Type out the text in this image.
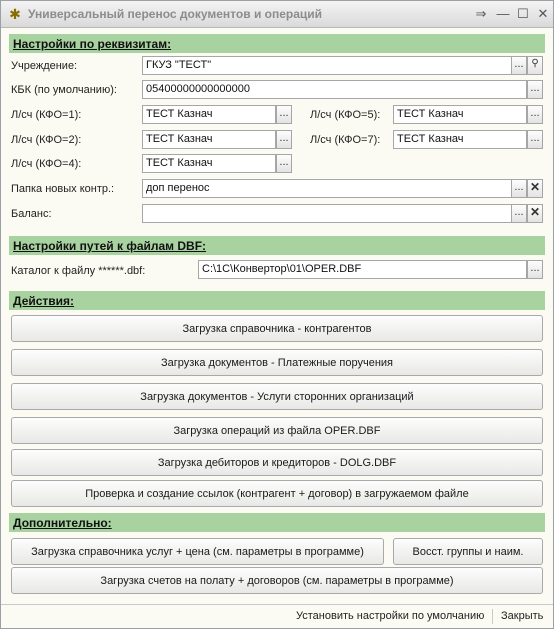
✱ Универсальный перенос документов и операций	⇒ — ☐ ✕
Настройки по реквизитам:
Учреждение:	ГКУЗ "ТЕСТ"	... ⚲
КБК (по умолчанию):	05400000000000000	...
Л/сч (КФО=1):	ТЕСТ Казнач	...	Л/сч (КФО=5):	ТЕСТ Казнач	...
Л/сч (КФО=2):	ТЕСТ Казнач	...	Л/сч (КФО=7):	ТЕСТ Казнач	...
Л/сч (КФО=4):	ТЕСТ Казнач	...
Папка новых контр.:	доп перенос	... ✕
Баланс:	... ✕
Настройки путей к файлам DBF:
Каталог к файлу ******.dbf:	C:\1С\Конвертор\01\OPER.DBF	...
Действия:
Загрузка справочника - контрагентов
Загрузка документов - Платежные поручения
Загрузка документов - Услуги сторонних организаций
Загрузка операций из файла OPER.DBF
Загрузка дебиторов и кредиторов - DOLG.DBF
Проверка и создание ссылок (контрагент + договор) в загружаемом файле
Дополнительно:
Загрузка справочника услуг + цена (см. параметры в программе)	Восст. группы и наим.
Загрузка счетов на полату + договоров (см. параметры в программе)
Установить настройки по умолчанию Закрыть
